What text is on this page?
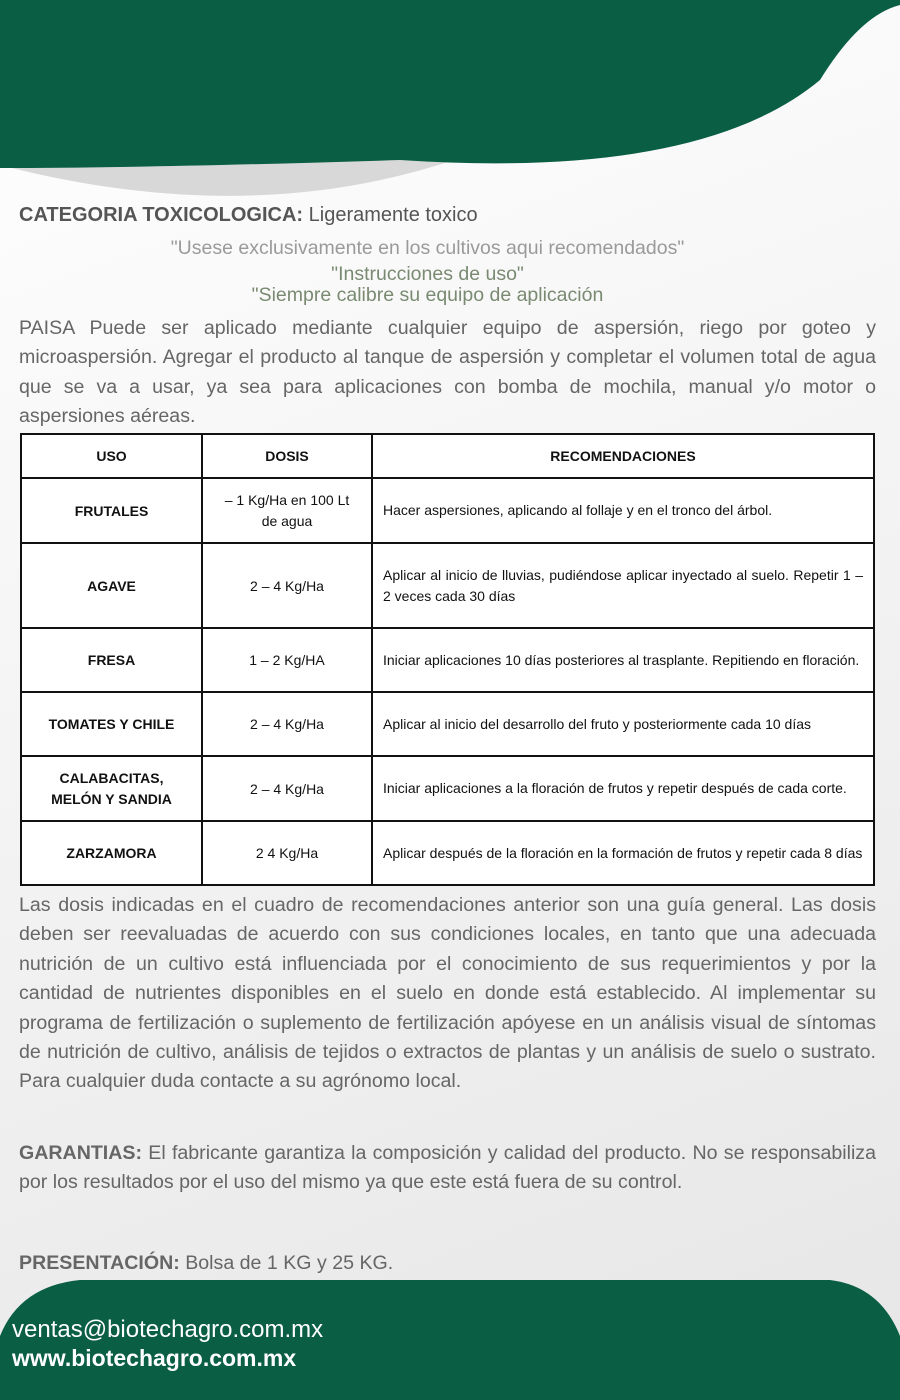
CATEGORIA TOXICOLOGICA: Ligeramente toxico
"Usese exclusivamente en los cultivos aqui recomendados"
"Instrucciones de uso"
"Siempre calibre su equipo de aplicación
PAISA Puede ser aplicado mediante cualquier equipo de aspersión, riego por goteo y microaspersión. Agregar el producto al tanque de aspersión y completar el volumen total de agua que se va a usar, ya sea para aplicaciones con bomba de mochila, manual y/o motor o aspersiones aéreas.
USO	DOSIS	RECOMENDACIONES
FRUTALES	– 1 Kg/Ha en 100 Lt de agua	Hacer aspersiones, aplicando al follaje y en el tronco del árbol.
AGAVE	2 – 4 Kg/Ha	Aplicar al inicio de lluvias, pudiéndose aplicar inyectado al suelo. Repetir 1 – 2 veces cada 30 días
FRESA	1 – 2 Kg/HA	Iniciar aplicaciones 10 días posteriores al trasplante. Repitiendo en floración.
TOMATES Y CHILE	2 – 4 Kg/Ha	Aplicar al inicio del desarrollo del fruto y posteriormente cada 10 días
CALABACITAS, MELÓN Y SANDIA	2 – 4 Kg/Ha	Iniciar aplicaciones a la floración de frutos y repetir después de cada corte.
ZARZAMORA	2 4 Kg/Ha	Aplicar después de la floración en la formación de frutos y repetir cada 8 días
Las dosis indicadas en el cuadro de recomendaciones anterior son una guía general. Las dosis deben ser reevaluadas de acuerdo con sus condiciones locales, en tanto que una adecuada nutrición de un cultivo está influenciada por el conocimiento de sus requerimientos y por la cantidad de nutrientes disponibles en el suelo en donde está establecido. Al implementar su programa de fertilización o suplemento de fertilización apóyese en un análisis visual de síntomas de nutrición de cultivo, análisis de tejidos o extractos de plantas y un análisis de suelo o sustrato. Para cualquier duda contacte a su agrónomo local.
GARANTIAS: El fabricante garantiza la composición y calidad del producto. No se responsabiliza por los resultados por el uso del mismo ya que este está fuera de su control.
PRESENTACIÓN: Bolsa de 1 KG y 25 KG.
ventas@biotechagro.com.mx
www.biotechagro.com.mx
